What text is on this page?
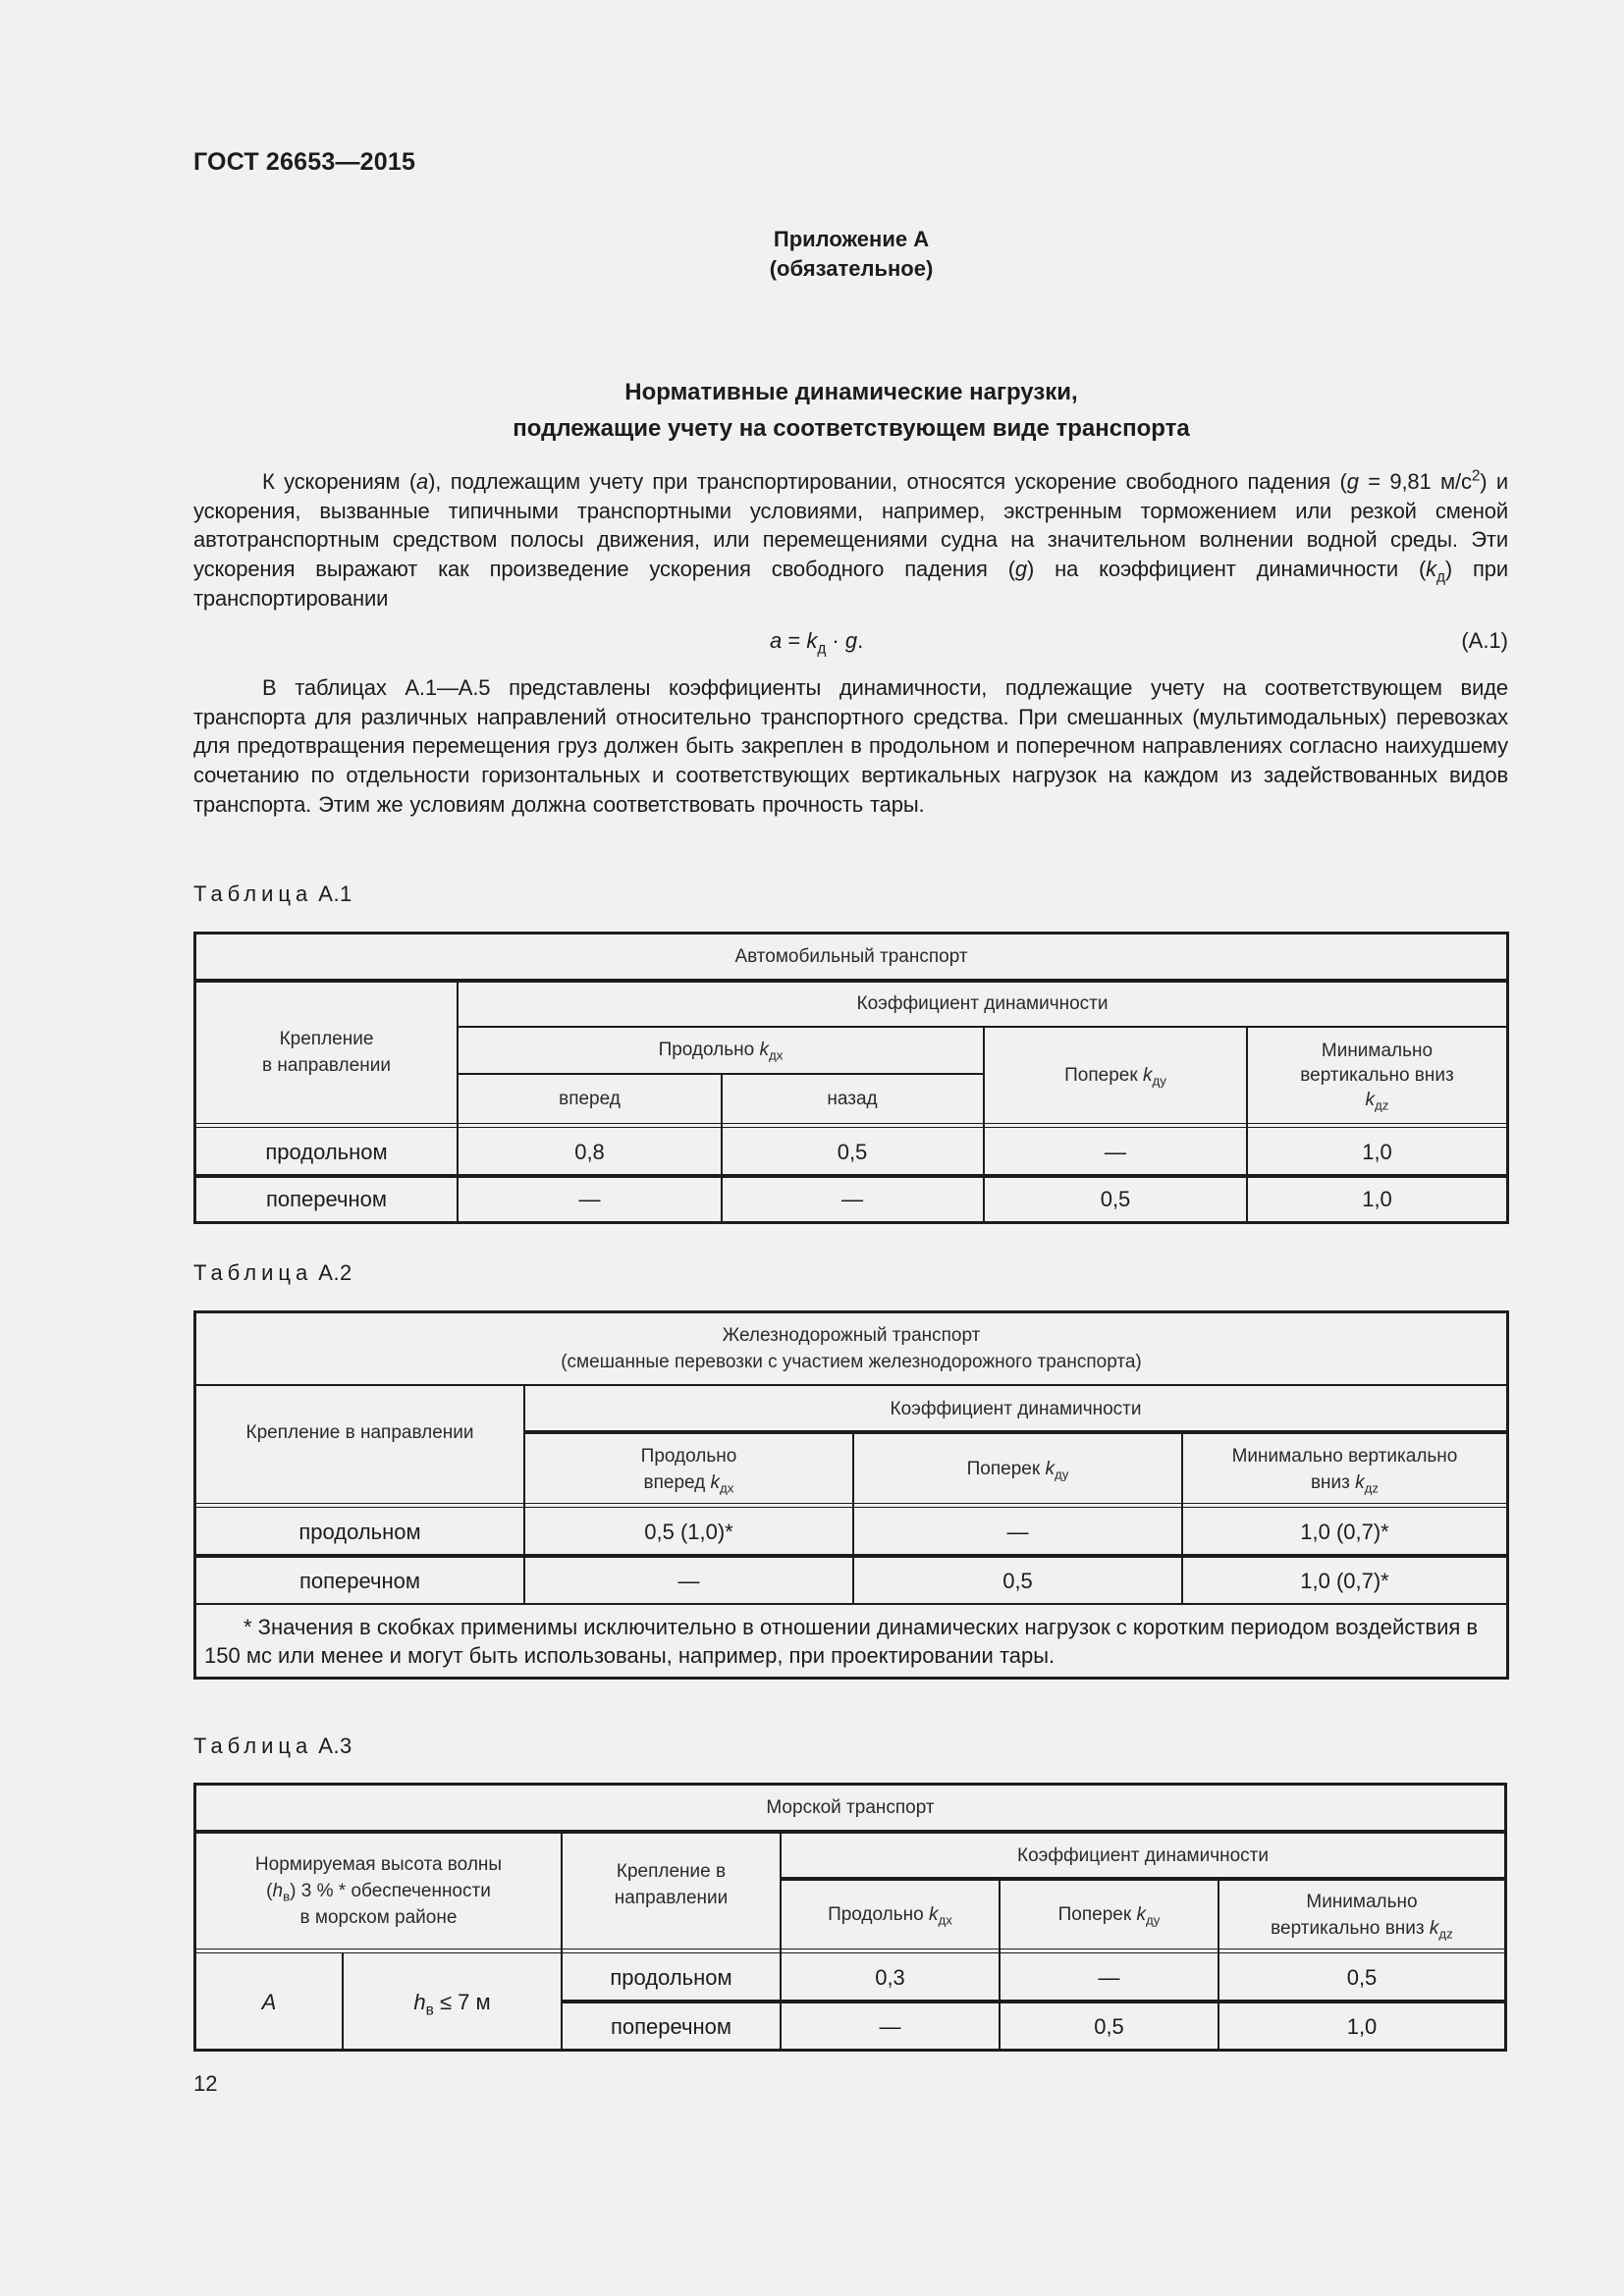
ГОСТ 26653—2015
Приложение А
(обязательное)
Нормативные динамические нагрузки,
подлежащие учету на соответствующем виде транспорта
К ускорениям (a), подлежащим учету при транспортировании, относятся ускорение свободного падения (g = 9,81 $м/с^2$) и ускорения, вызванные типичными транспортными условиями, например, экстренным торможением или резкой сменой автотранспортным средством полосы движения, или перемещениями судна на значительном волнении водной среды. Эти ускорения выражают как произведение ускорения свободного падения (g) на коэффициент динамичности $(k_д)$ при транспортировании
$a = k_д \cdot g$.	(А.1)
В таблицах А.1—А.5 представлены коэффициенты динамичности, подлежащие учету на соответствующем виде транспорта для различных направлений относительно транспортного средства. При смешанных (мультимодальных) перевозках для предотвращения перемещения груз должен быть закреплен в продольном и поперечном направлениях согласно наихудшему сочетанию по отдельности горизонтальных и соответствующих вертикальных нагрузок на каждом из задействованных видов транспорта. Этим же условиям должна соответствовать прочность тары.
Таблица А.1
Автомобильный транспорт
Крепление
в направлении
Коэффициент динамичности
Продольно $k_{дх}$
вперед	назад
Поперек $k_{ду}$
Минимально
вертикально вниз
$k_{дz}$
продольном	0,8	0,5	—	1,0
поперечном	—	—	0,5	1,0
Таблица А.2
Железнодорожный транспорт
(смешанные перевозки с участием железнодорожного транспорта)
Крепление в направлении
Коэффициент динамичности
Продольно
вперед $k_{дх}$
Поперек $k_{ду}$
Минимально вертикально
вниз $k_{дz}$
продольном	0,5 (1,0)*	—	1,0 (0,7)*
поперечном	—	0,5	1,0 (0,7)*
* Значения в скобках применимы исключительно в отношении динамических нагрузок с коротким периодом воздействия в 150 мс или менее и могут быть использованы, например, при проектировании тары.
Таблица А.3
Морской транспорт
Нормируемая высота волны
$(h_в)$ 3 % * обеспеченности
в морском районе
Крепление в
направлении
Коэффициент динамичности
Продольно $k_{дх}$	Поперек $k_{ду}$
Минимально
вертикально вниз $k_{дz}$
A	$h_в \le 7$ м
продольном	0,3	—	0,5
поперечном	—	0,5	1,0
12
